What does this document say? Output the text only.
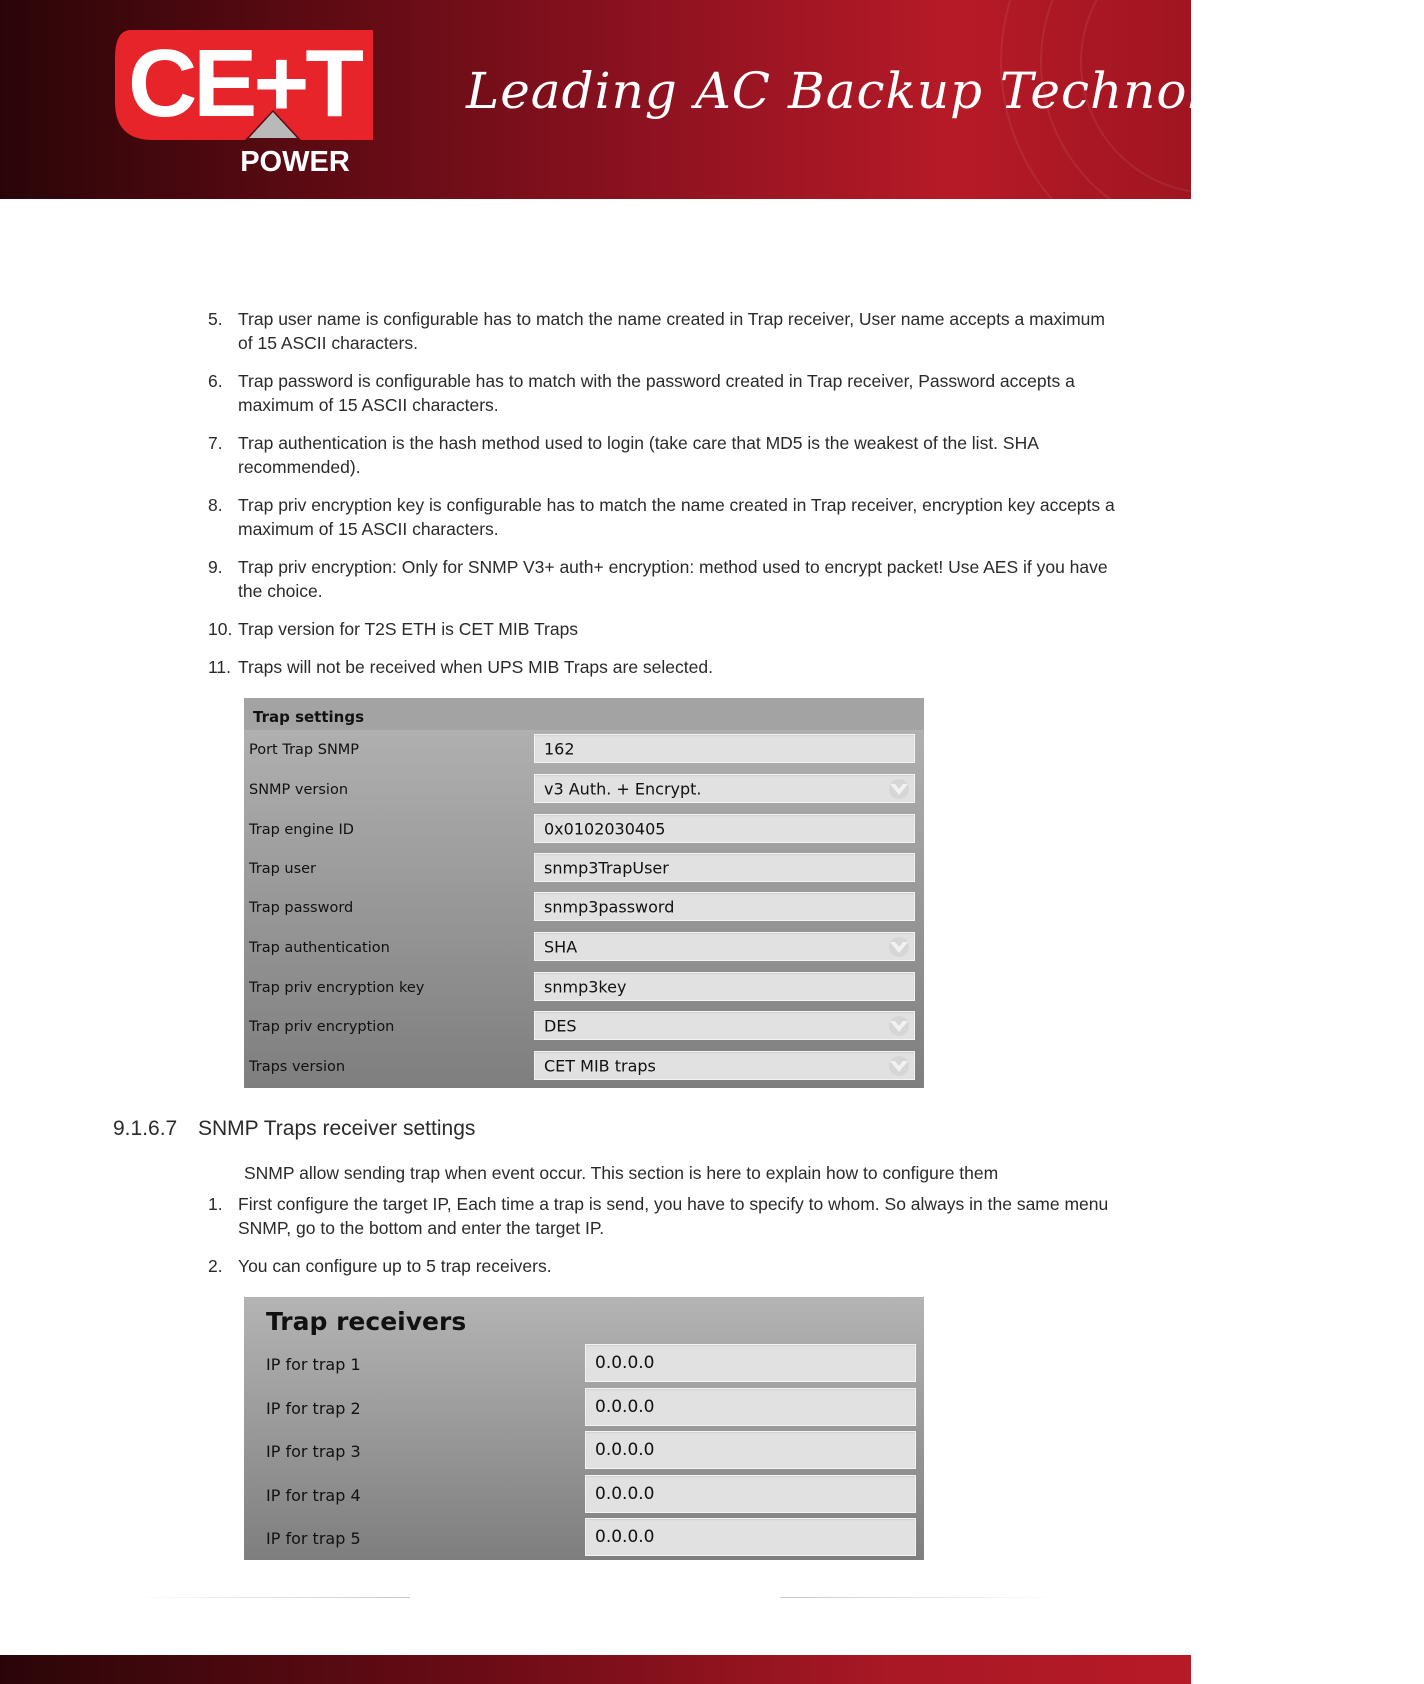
CE+T
POWER
Leading AC Backup Technology
5. Trap user name is configurable has to match the name created in Trap receiver, User name accepts a maximum
of 15 ASCII characters.
6. Trap password is configurable has to match with the password created in Trap receiver, Password accepts a
maximum of 15 ASCII characters.
7. Trap authentication is the hash method used to login (take care that MD5 is the weakest of the list. SHA
recommended).
8. Trap priv encryption key is configurable has to match the name created in Trap receiver, encryption key accepts a
maximum of 15 ASCII characters.
9. Trap priv encryption: Only for SNMP V3+ auth+ encryption: method used to encrypt packet! Use AES if you have
the choice.
10. Trap version for T2S ETH is CET MIB Traps
11. Traps will not be received when UPS MIB Traps are selected.
Trap settings
Port Trap SNMP	162
SNMP version	v3 Auth. + Encrypt.
Trap engine ID	0x0102030405
Trap user	snmp3TrapUser
Trap password	snmp3password
Trap authentication	SHA
Trap priv encryption key	snmp3key
Trap priv encryption	DES
Traps version	CET MIB traps
9.1.6.7 SNMP Traps receiver settings
SNMP allow sending trap when event occur. This section is here to explain how to configure them
1. First configure the target IP, Each time a trap is send, you have to specify to whom. So always in the same menu
SNMP, go to the bottom and enter the target IP.
2. You can configure up to 5 trap receivers.
Trap receivers
IP for trap 1	0.0.0.0
IP for trap 2	0.0.0.0
IP for trap 3	0.0.0.0
IP for trap 4	0.0.0.0
IP for trap 5	0.0.0.0
